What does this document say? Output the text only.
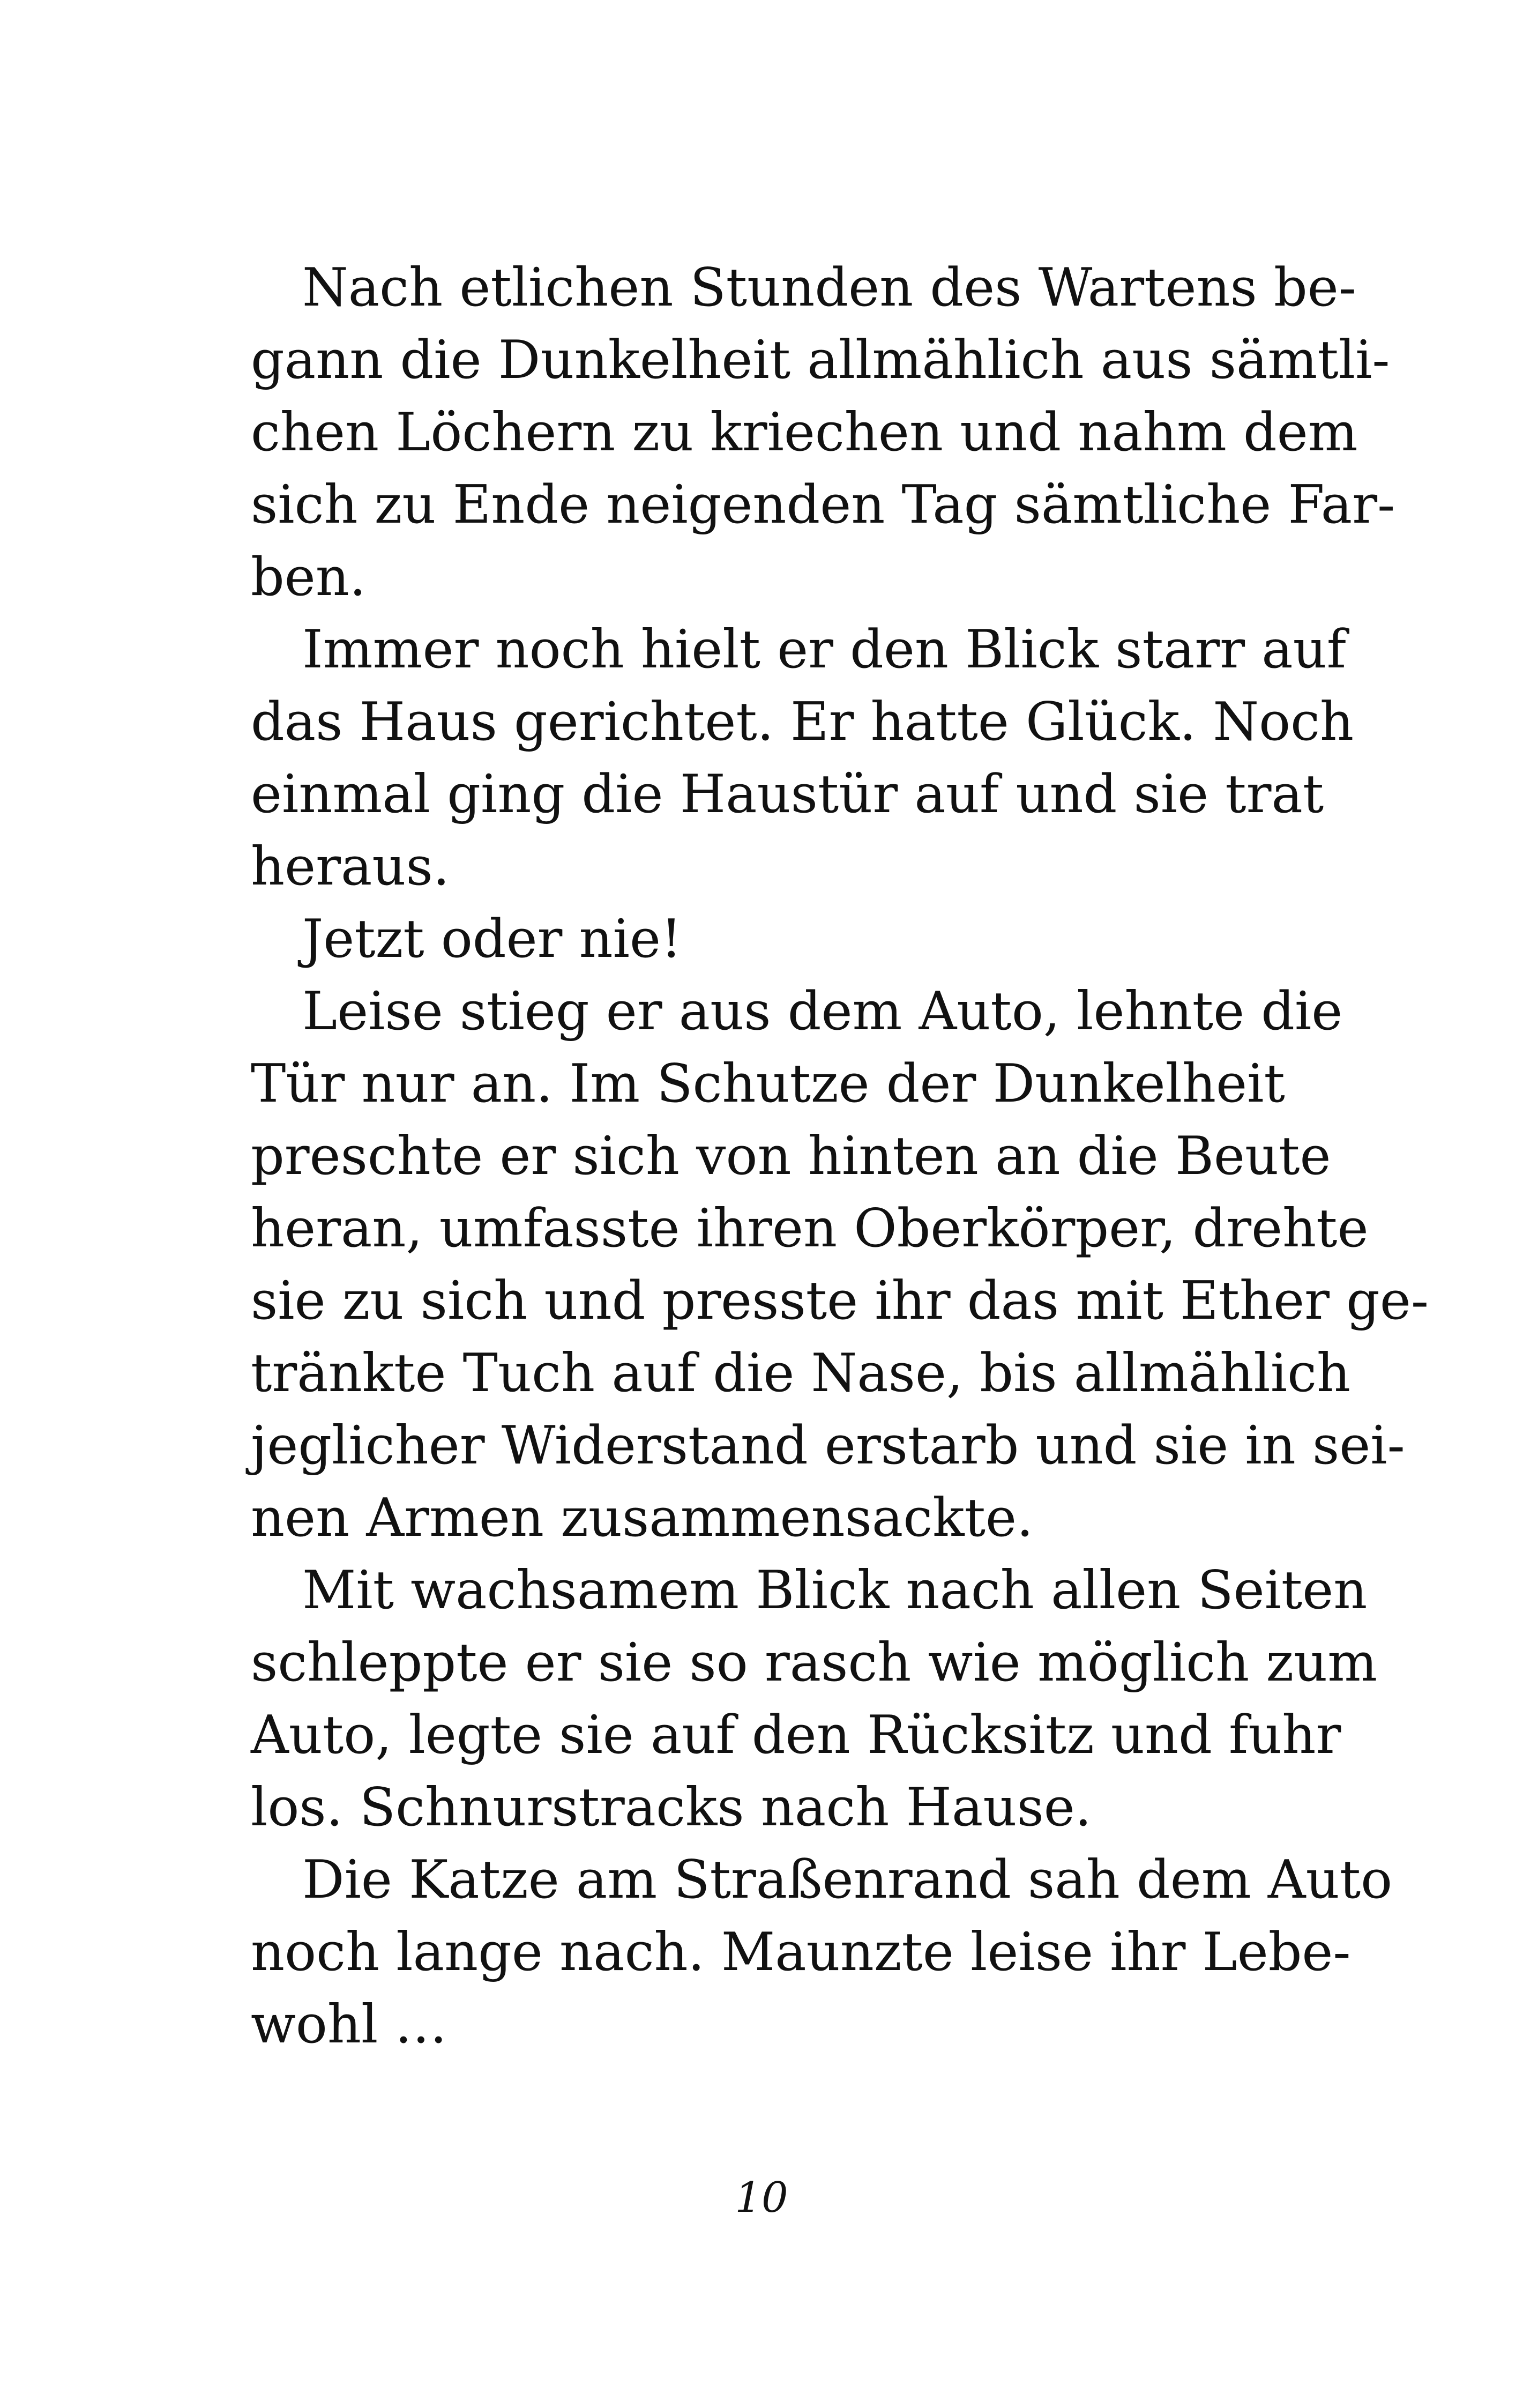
Nach etlichen Stunden des Wartens be-
gann die Dunkelheit allmählich aus sämtli-
chen Löchern zu kriechen und nahm dem
sich zu Ende neigenden Tag sämtliche Far-
ben.
Immer noch hielt er den Blick starr auf
das Haus gerichtet. Er hatte Glück. Noch
einmal ging die Haustür auf und sie trat
heraus.
Jetzt oder nie!
Leise stieg er aus dem Auto, lehnte die
Tür nur an. Im Schutze der Dunkelheit
preschte er sich von hinten an die Beute
heran, umfasste ihren Oberkörper, drehte
sie zu sich und presste ihr das mit Ether ge-
tränkte Tuch auf die Nase, bis allmählich
jeglicher Widerstand erstarb und sie in sei-
nen Armen zusammensackte.
Mit wachsamem Blick nach allen Seiten
schleppte er sie so rasch wie möglich zum
Auto, legte sie auf den Rücksitz und fuhr
los. Schnurstracks nach Hause.
Die Katze am Straßenrand sah dem Auto
noch lange nach. Maunzte leise ihr Lebe-
wohl …
10
